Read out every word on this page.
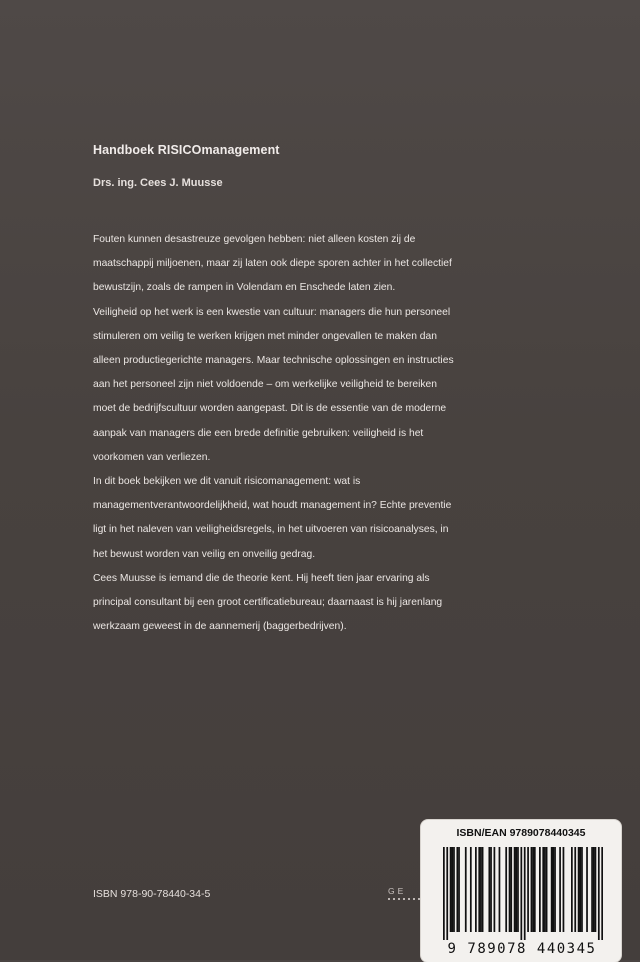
Handboek RISICOmanagement
Drs. ing. Cees J. Muusse

Fouten kunnen desastreuze gevolgen hebben: niet alleen kosten zij de
maatschappij miljoenen, maar zij laten ook diepe sporen achter in het collectief
bewustzijn, zoals de rampen in Volendam en Enschede laten zien.

Veiligheid op het werk is een kwestie van cultuur: managers die hun personeel
stimuleren om veilig te werken krijgen met minder ongevallen te maken dan
alleen productiegerichte managers. Maar technische oplossingen en instructies
aan het personeel zijn niet voldoende – om werkelijke veiligheid te bereiken
moet de bedrijfscultuur worden aangepast. Dit is de essentie van de moderne
aanpak van managers die een brede definitie gebruiken: veiligheid is het
voorkomen van verliezen.

In dit boek bekijken we dit vanuit risicomanagement: wat is
managementverantwoordelijkheid, wat houdt management in? Echte preventie
ligt in het naleven van veiligheidsregels, in het uitvoeren van risicoanalyses, in
het bewust worden van veilig en onveilig gedrag.

Cees Muusse is iemand die de theorie kent. Hij heeft tien jaar ervaring als
principal consultant bij een groot certificatiebureau; daarnaast is hij jarenlang
werkzaam geweest in de aannemerij (baggerbedrijven).

ISBN 978-90-78440-34-5	GE
ISBN/EAN 9789078440345
9 789078 440345
